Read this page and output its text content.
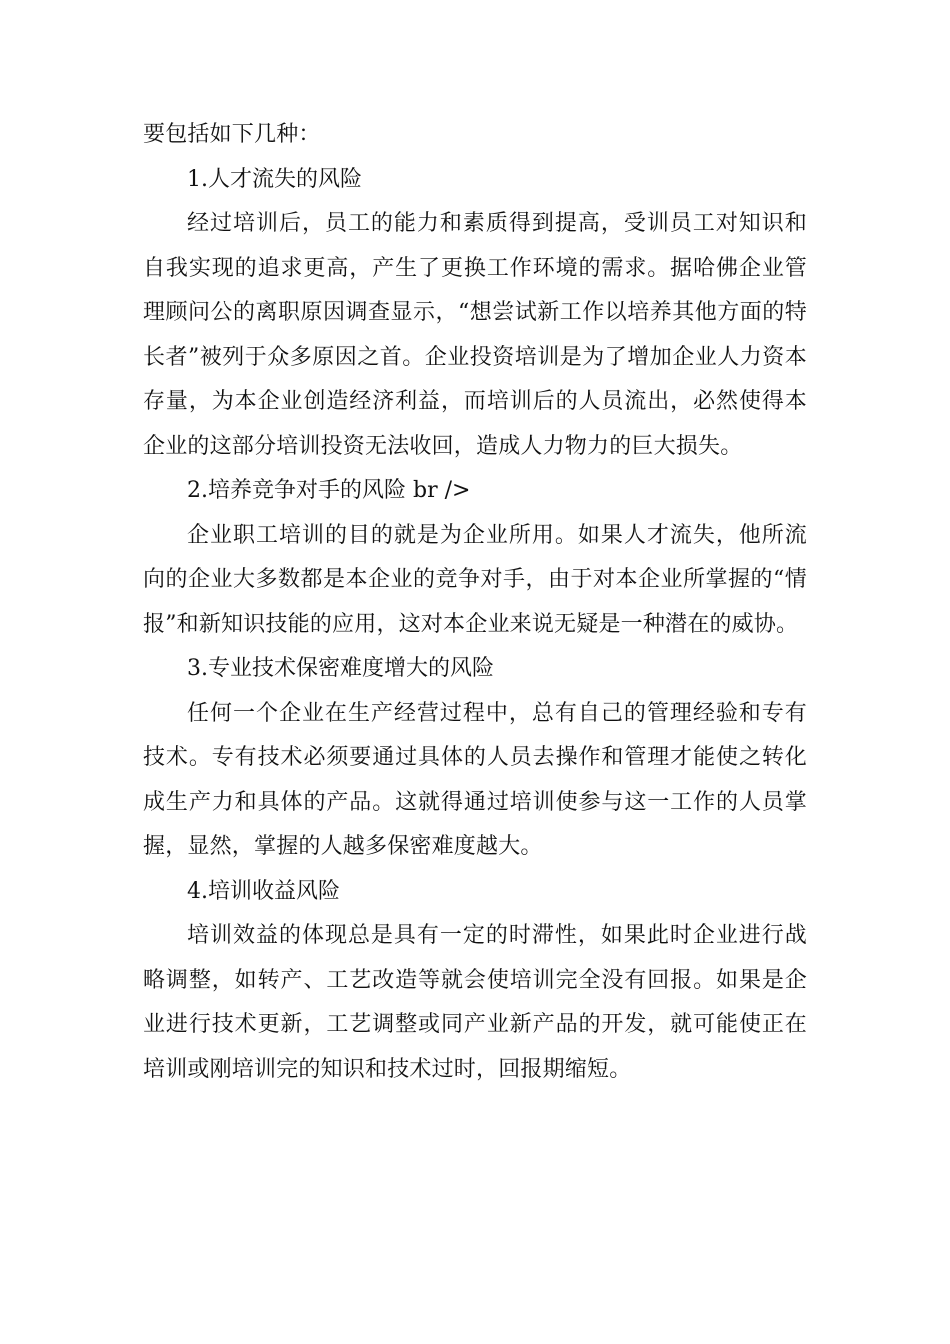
要包括如下几种：

1.人才流失的风险

经过培训后，员工的能力和素质得到提高，受训员工对知识和自我实现的追求更高，产生了更换工作环境的需求。据哈佛企业管理顾问公的离职原因调查显示，“想尝试新工作以培养其他方面的特长者”被列于众多原因之首。企业投资培训是为了增加企业人力资本存量，为本企业创造经济利益，而培训后的人员流出，必然使得本企业的这部分培训投资无法收回，造成人力物力的巨大损失。

2.培养竞争对手的风险 br />

企业职工培训的目的就是为企业所用。如果人才流失，他所流向的企业大多数都是本企业的竞争对手，由于对本企业所掌握的“情报”和新知识技能的应用，这对本企业来说无疑是一种潜在的威协。

3.专业技术保密难度增大的风险

任何一个企业在生产经营过程中，总有自己的管理经验和专有技术。专有技术必须要通过具体的人员去操作和管理才能使之转化成生产力和具体的产品。这就得通过培训使参与这一工作的人员掌握，显然，掌握的人越多保密难度越大。

4.培训收益风险

培训效益的体现总是具有一定的时滞性，如果此时企业进行战略调整，如转产、工艺改造等就会使培训完全没有回报。如果是企业进行技术更新，工艺调整或同产业新产品的开发，就可能使正在培训或刚培训完的知识和技术过时，回报期缩短。
